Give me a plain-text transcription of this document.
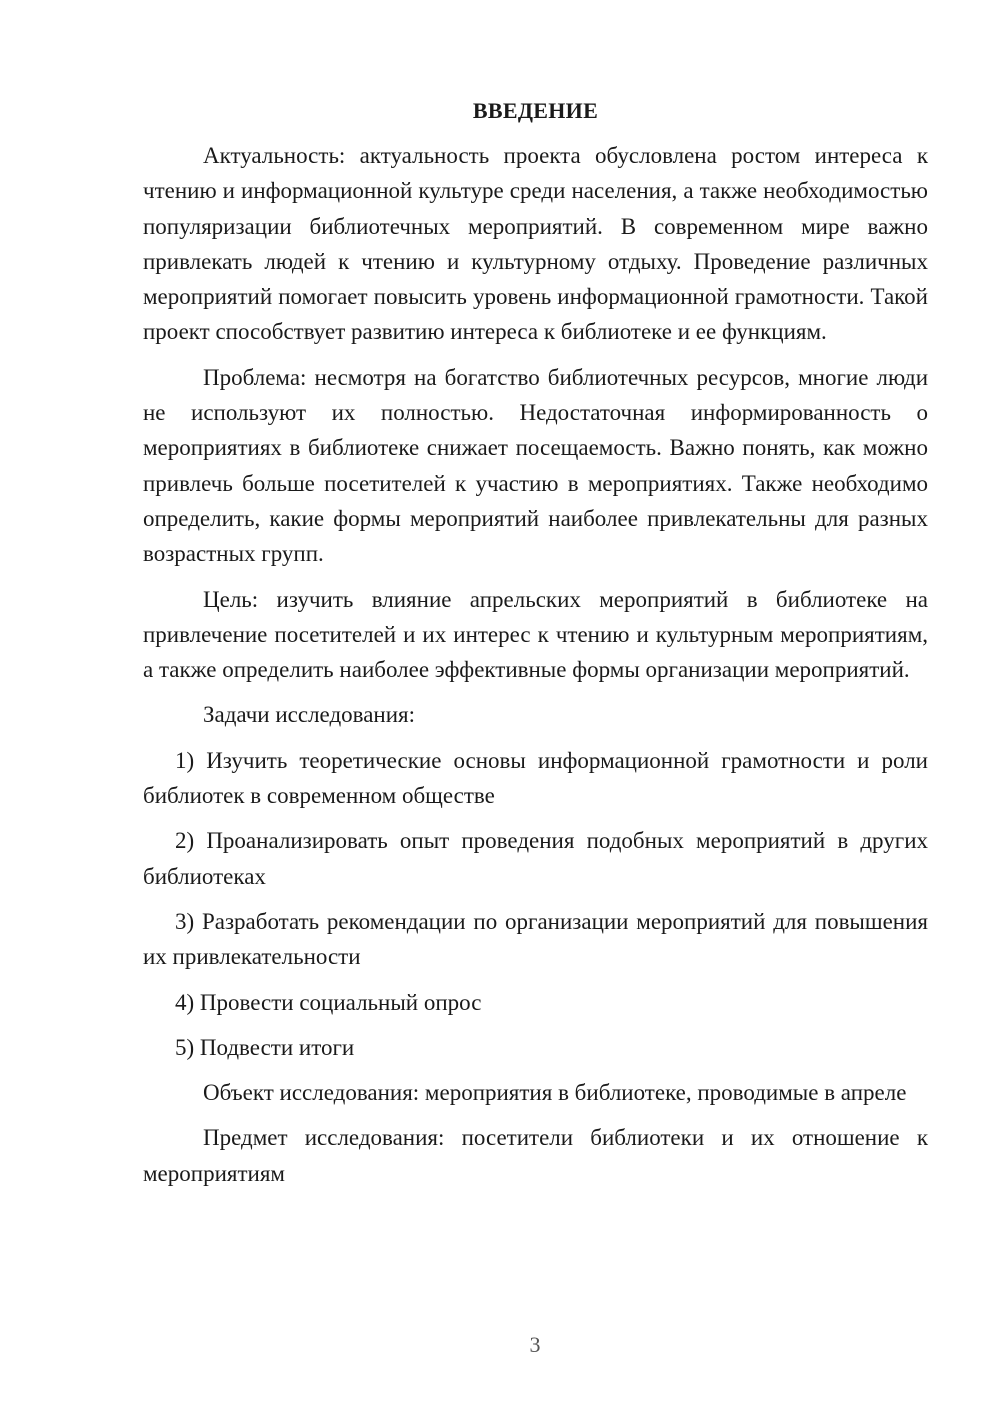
ВВЕДЕНИЕ

Актуальность: актуальность проекта обусловлена ростом интереса к чтению и информационной культуре среди населения, а также необходимостью популяризации библиотечных мероприятий. В современном мире важно привлекать людей к чтению и культурному отдыху. Проведение различных мероприятий помогает повысить уровень информационной грамотности. Такой проект способствует развитию интереса к библиотеке и ее функциям.

Проблема: несмотря на богатство библиотечных ресурсов, многие люди не используют их полностью. Недостаточная информированность о мероприятиях в библиотеке снижает посещаемость. Важно понять, как можно привлечь больше посетителей к участию в мероприятиях. Также необходимо определить, какие формы мероприятий наиболее привлекательны для разных возрастных групп.

Цель: изучить влияние апрельских мероприятий в библиотеке на привлечение посетителей и их интерес к чтению и культурным мероприятиям, а также определить наиболее эффективные формы организации мероприятий.

Задачи исследования:

1) Изучить теоретические основы информационной грамотности и роли библиотек в современном обществе

2) Проанализировать опыт проведения подобных мероприятий в других библиотеках

3) Разработать рекомендации по организации мероприятий для повышения их привлекательности

4) Провести социальный опрос

5) Подвести итоги

Объект исследования: мероприятия в библиотеке, проводимые в апреле

Предмет исследования: посетители библиотеки и их отношение к мероприятиям

3
